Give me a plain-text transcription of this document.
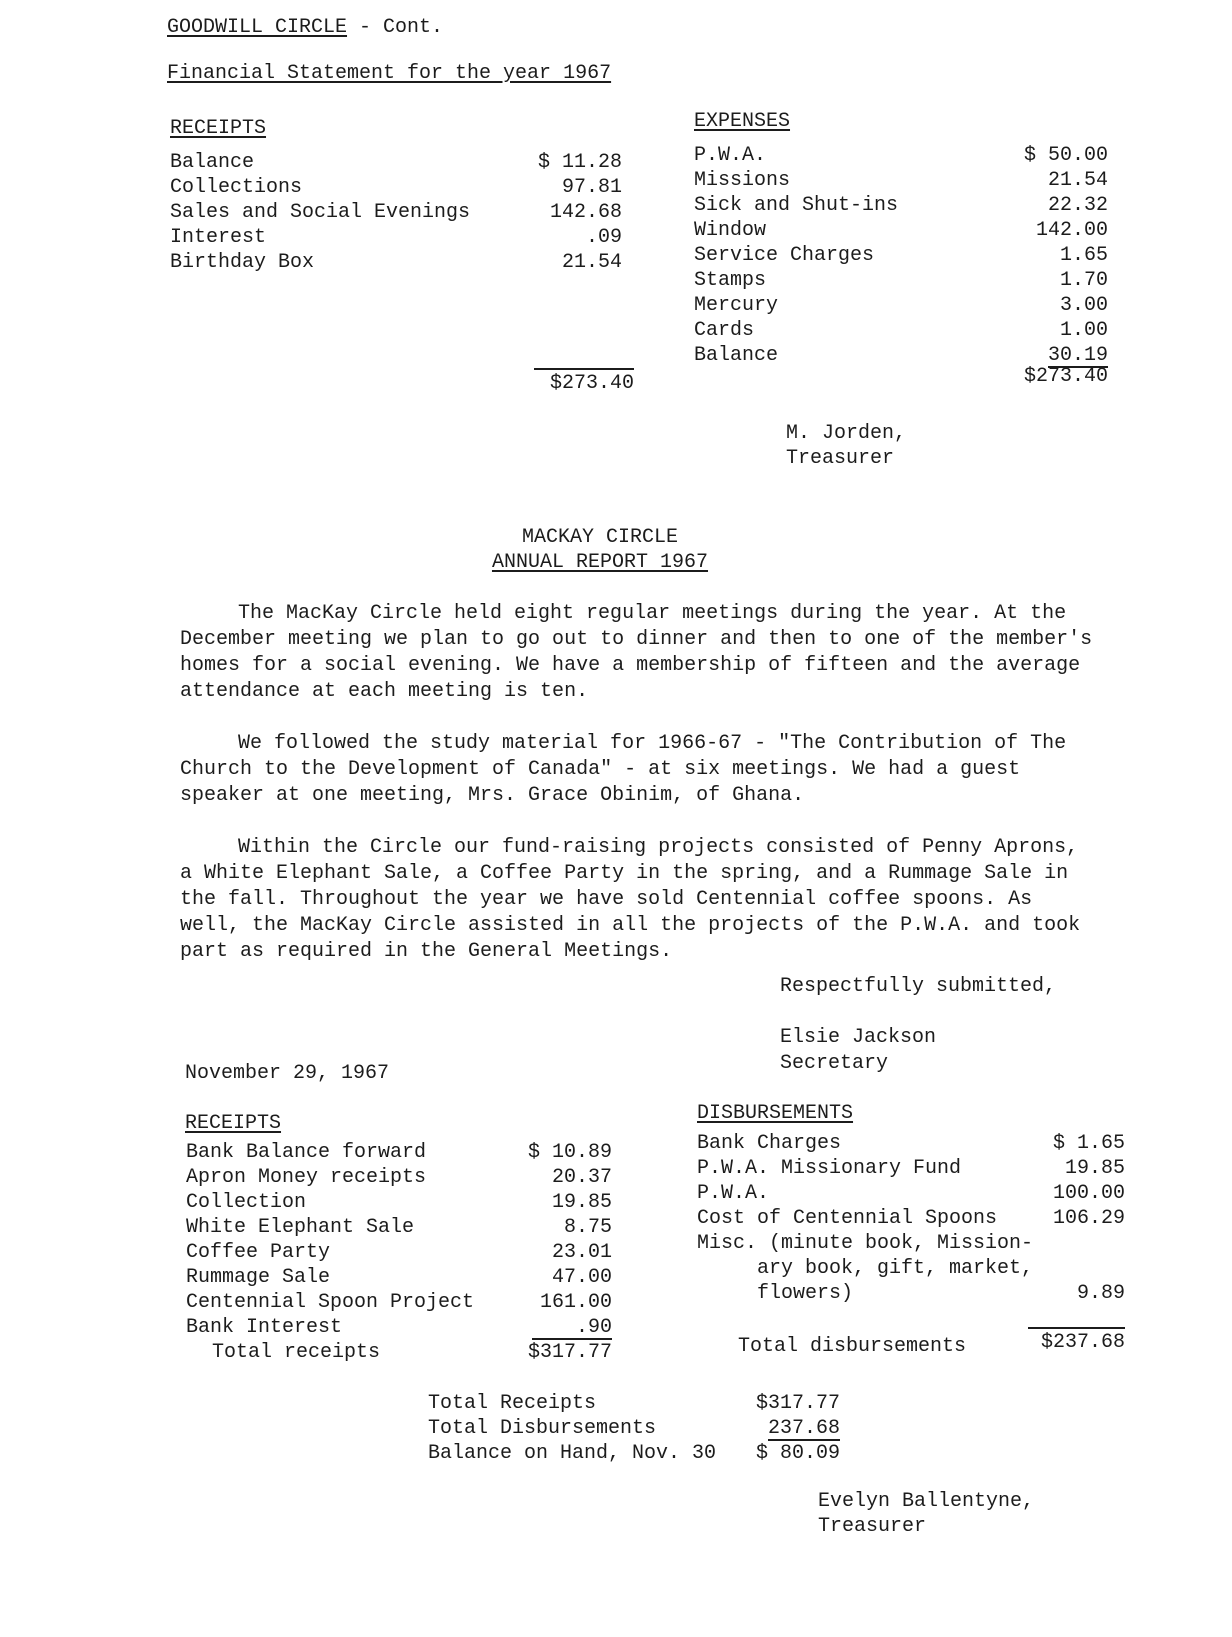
GOODWILL CIRCLE - Cont.
Financial Statement for the year 1967
RECEIPTS
Balance	$ 11.28
Collections	97.81
Sales and Social Evenings	142.68
Interest	.09
Birthday Box	21.54
$273.40
EXPENSES
P.W.A.	$ 50.00
Missions	21.54
Sick and Shut-ins	22.32
Window	142.00
Service Charges	1.65
Stamps	1.70
Mercury	3.00
Cards	1.00
Balance	30.19
$273.40
M. Jorden,
Treasurer
MACKAY CIRCLE
ANNUAL REPORT 1967
The MacKay Circle held eight regular meetings during the year. At the December meeting we plan to go out to dinner and then to one of the member's homes for a social evening. We have a membership of fifteen and the average attendance at each meeting is ten.
We followed the study material for 1966-67 - "The Contribution of The Church to the Development of Canada" - at six meetings. We had a guest speaker at one meeting, Mrs. Grace Obinim, of Ghana.
Within the Circle our fund-raising projects consisted of Penny Aprons, a White Elephant Sale, a Coffee Party in the spring, and a Rummage Sale in the fall. Throughout the year we have sold Centennial coffee spoons. As well, the MacKay Circle assisted in all the projects of the P.W.A. and took part as required in the General Meetings.
Respectfully submitted,
Elsie Jackson
Secretary
November 29, 1967
RECEIPTS
Bank Balance forward	$ 10.89
Apron Money receipts	20.37
Collection	19.85
White Elephant Sale	8.75
Coffee Party	23.01
Rummage Sale	47.00
Centennial Spoon Project	161.00
Bank Interest	.90
Total receipts	$317.77
DISBURSEMENTS
Bank Charges	$ 1.65
P.W.A. Missionary Fund	19.85
P.W.A.	100.00
Cost of Centennial Spoons	106.29
Misc. (minute book, Mission-
ary book, gift, market,
flowers)	9.89
Total disbursements	$237.68
Total Receipts	$317.77
Total Disbursements	237.68
Balance on Hand, Nov. 30 $ 80.09
Evelyn Ballentyne,
Treasurer
